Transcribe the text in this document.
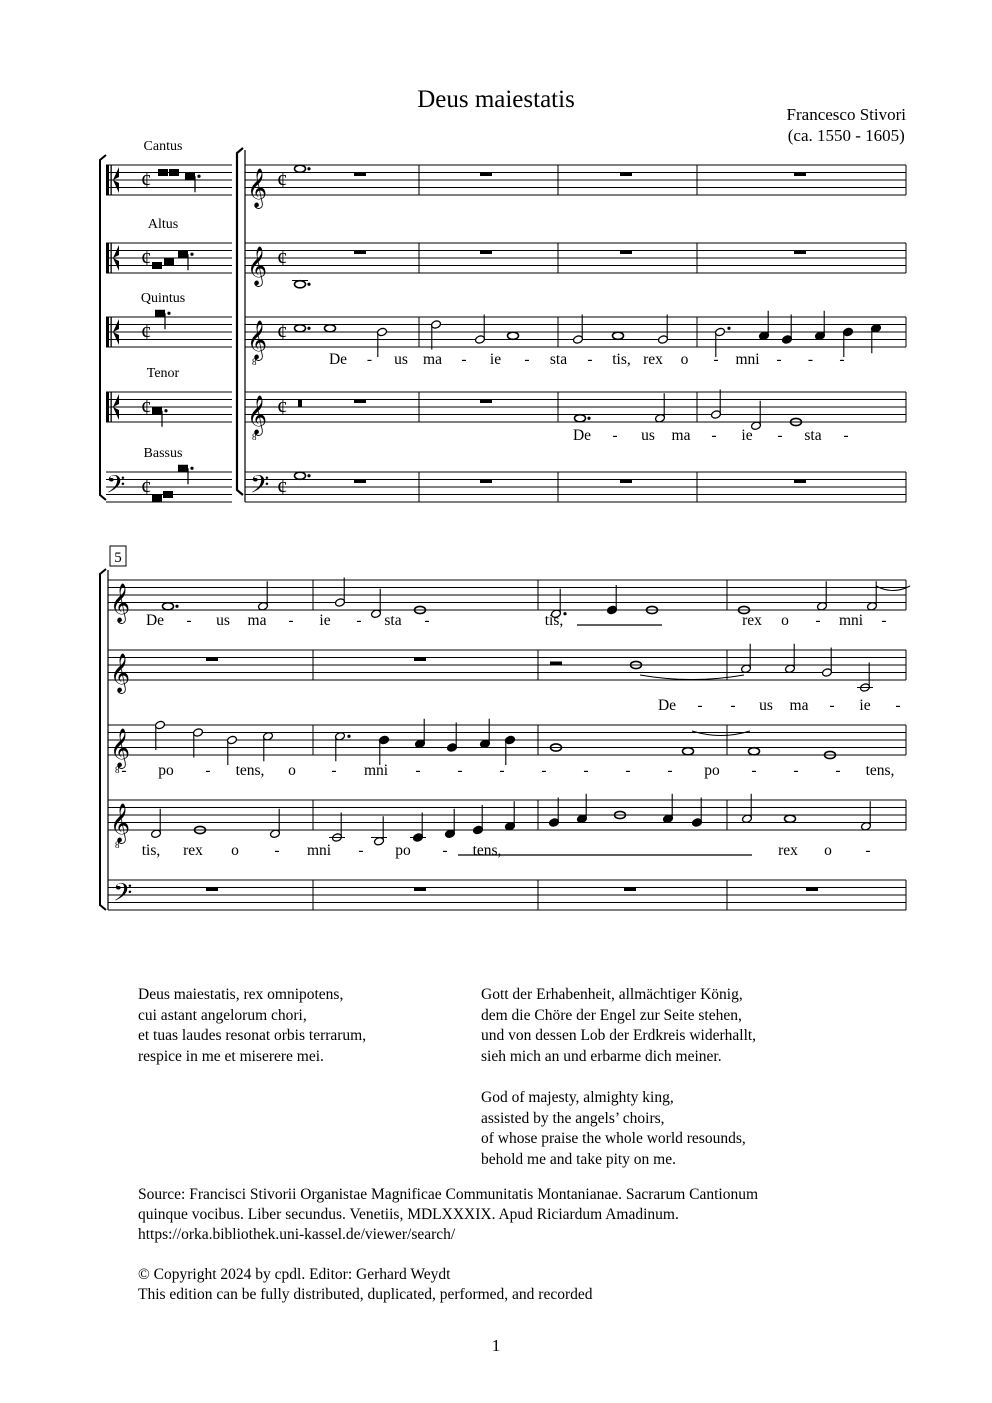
Deus maiestatis
Francesco Stivori
(ca. 1550 - 1605)
Cantus
¢
Altus
¢
Quintus
¢
Tenor
¢
Bassus
𝄢 ¢
𝄞 ¢
𝄞 ¢
𝄞
8
¢
𝄞
8
¢
𝄢 ¢
De - us ma - ie - sta - tis, rex o - mni - - -
De - us ma - ie - sta -
𝄞
𝄞
𝄞
8
𝄞
8
𝄢
5
De - us ma - ie - sta -	tis,	rex o - mni -
De - - us ma - ie -
- po - tens, o - mni - - - - - - - po - - - tens,
tis, rex o - mni - po - tens,	rex o -
Deus maiestatis, rex omnipotens,
cui astant angelorum chori,
et tuas laudes resonat orbis terrarum,
respice in me et miserere mei.
Gott der Erhabenheit, allmächtiger König,
dem die Chöre der Engel zur Seite stehen,
und von dessen Lob der Erdkreis widerhallt,
sieh mich an und erbarme dich meiner.
God of majesty, almighty king,
assisted by the angels’ choirs,
of whose praise the whole world resounds,
behold me and take pity on me.
Source: Francisci Stivorii Organistae Magnificae Communitatis Montanianae. Sacrarum Cantionum
quinque vocibus. Liber secundus. Venetiis, MDLXXXIX. Apud Riciardum Amadinum.
https://orka.bibliothek.uni-kassel.de/viewer/search/
© Copyright 2024 by cpdl. Editor: Gerhard Weydt
This edition can be fully distributed, duplicated, performed, and recorded
1
